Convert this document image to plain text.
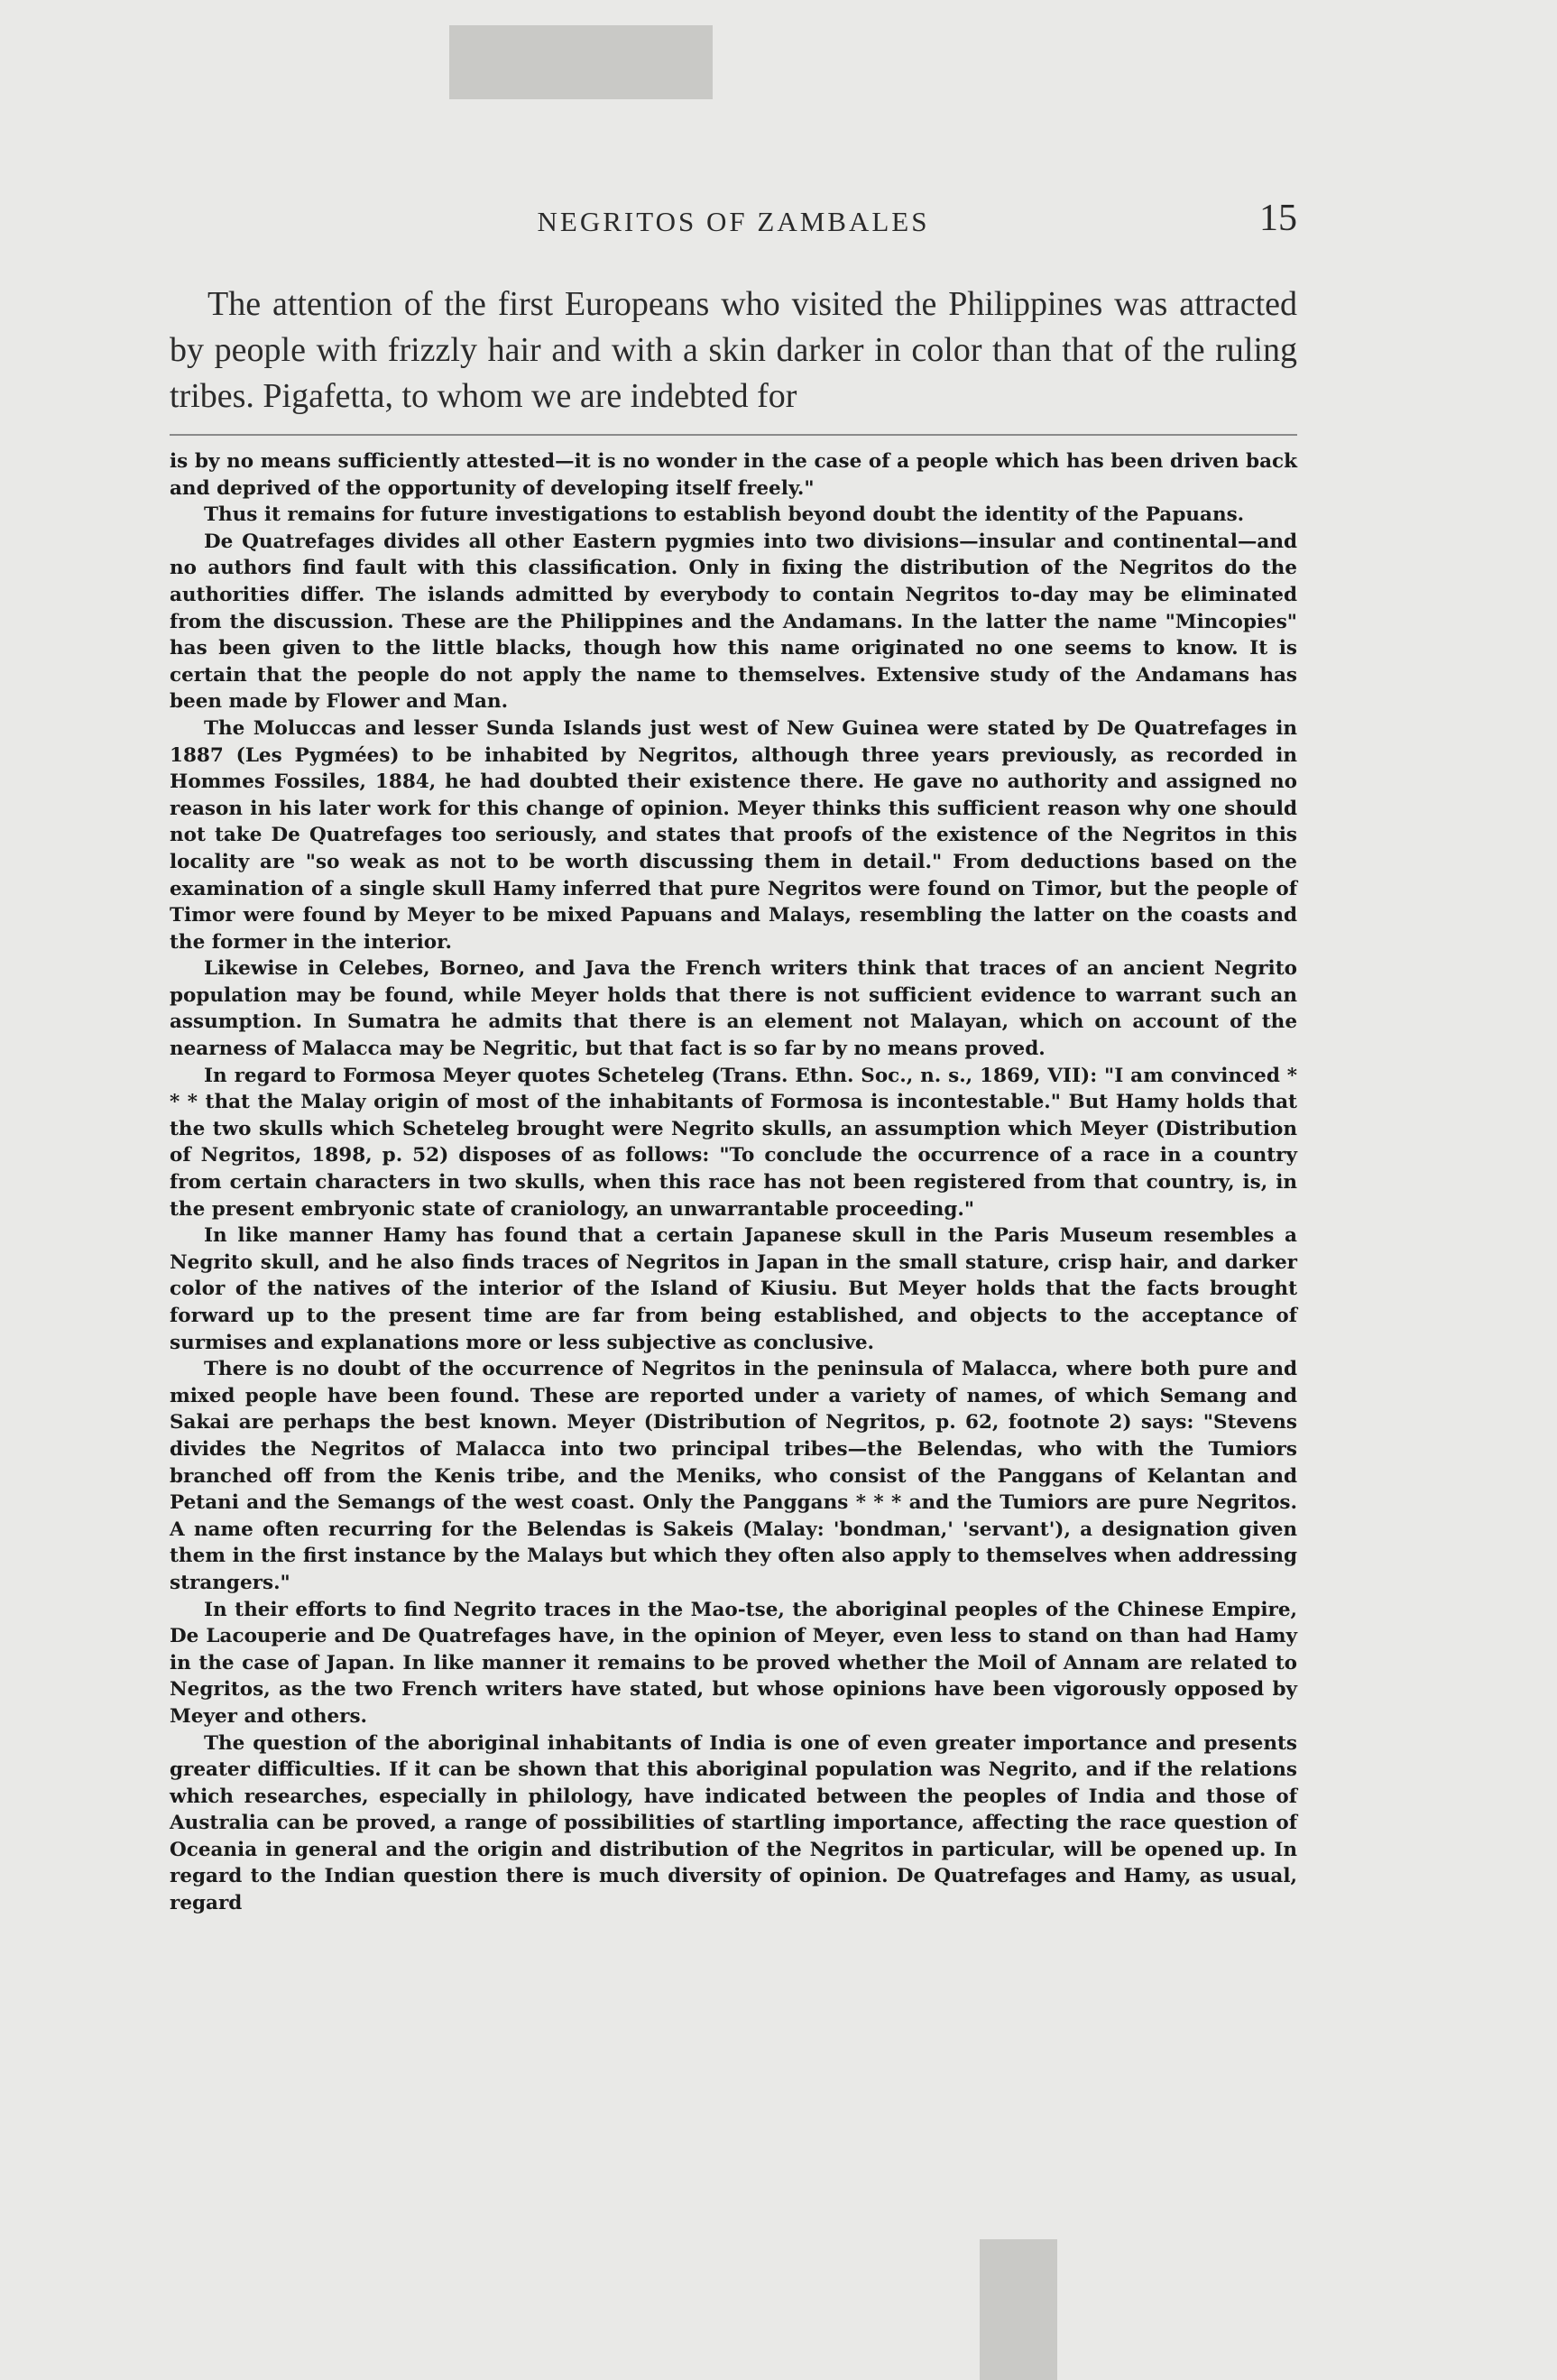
NEGRITOS OF ZAMBALES	15

The attention of the first Europeans who visited the Philippines was attracted by people with frizzly hair and with a skin darker in color than that of the ruling tribes. Pigafetta, to whom we are indebted for

is by no means sufficiently attested—it is no wonder in the case of a people which has been driven back and deprived of the opportunity of developing itself freely."

Thus it remains for future investigations to establish beyond doubt the identity of the Papuans.

De Quatrefages divides all other Eastern pygmies into two divisions—insular and continental—and no authors find fault with this classification. Only in fixing the distribution of the Negritos do the authorities differ. The islands admitted by everybody to contain Negritos to-day may be eliminated from the discussion. These are the Philippines and the Andamans. In the latter the name "Mincopies" has been given to the little blacks, though how this name originated no one seems to know. It is certain that the people do not apply the name to themselves. Extensive study of the Andamans has been made by Flower and Man.

The Moluccas and lesser Sunda Islands just west of New Guinea were stated by De Quatrefages in 1887 (Les Pygmées) to be inhabited by Negritos, although three years previously, as recorded in Hommes Fossiles, 1884, he had doubted their existence there. He gave no authority and assigned no reason in his later work for this change of opinion. Meyer thinks this sufficient reason why one should not take De Quatrefages too seriously, and states that proofs of the existence of the Negritos in this locality are "so weak as not to be worth discussing them in detail." From deductions based on the examination of a single skull Hamy inferred that pure Negritos were found on Timor, but the people of Timor were found by Meyer to be mixed Papuans and Malays, resembling the latter on the coasts and the former in the interior.

Likewise in Celebes, Borneo, and Java the French writers think that traces of an ancient Negrito population may be found, while Meyer holds that there is not sufficient evidence to warrant such an assumption. In Sumatra he admits that there is an element not Malayan, which on account of the nearness of Malacca may be Negritic, but that fact is so far by no means proved.

In regard to Formosa Meyer quotes Scheteleg (Trans. Ethn. Soc., n. s., 1869, VII): "I am convinced * * * that the Malay origin of most of the inhabitants of Formosa is incontestable." But Hamy holds that the two skulls which Scheteleg brought were Negrito skulls, an assumption which Meyer (Distribution of Negritos, 1898, p. 52) disposes of as follows: "To conclude the occurrence of a race in a country from certain characters in two skulls, when this race has not been registered from that country, is, in the present embryonic state of craniology, an unwarrantable proceeding."

In like manner Hamy has found that a certain Japanese skull in the Paris Museum resembles a Negrito skull, and he also finds traces of Negritos in Japan in the small stature, crisp hair, and darker color of the natives of the interior of the Island of Kiusiu. But Meyer holds that the facts brought forward up to the present time are far from being established, and objects to the acceptance of surmises and explanations more or less subjective as conclusive.

There is no doubt of the occurrence of Negritos in the peninsula of Malacca, where both pure and mixed people have been found. These are reported under a variety of names, of which Semang and Sakai are perhaps the best known. Meyer (Distribution of Negritos, p. 62, footnote 2) says: "Stevens divides the Negritos of Malacca into two principal tribes—the Belendas, who with the Tumiors branched off from the Kenis tribe, and the Meniks, who consist of the Panggans of Kelantan and Petani and the Semangs of the west coast. Only the Panggans * * * and the Tumiors are pure Negritos. A name often recurring for the Belendas is Sakeis (Malay: 'bondman,' 'servant'), a designation given them in the first instance by the Malays but which they often also apply to themselves when addressing strangers."

In their efforts to find Negrito traces in the Mao-tse, the aboriginal peoples of the Chinese Empire, De Lacouperie and De Quatrefages have, in the opinion of Meyer, even less to stand on than had Hamy in the case of Japan. In like manner it remains to be proved whether the Moil of Annam are related to Negritos, as the two French writers have stated, but whose opinions have been vigorously opposed by Meyer and others.

The question of the aboriginal inhabitants of India is one of even greater importance and presents greater difficulties. If it can be shown that this aboriginal population was Negrito, and if the relations which researches, especially in philology, have indicated between the peoples of India and those of Australia can be proved, a range of possibilities of startling importance, affecting the race question of Oceania in general and the origin and distribution of the Negritos in particular, will be opened up. In regard to the Indian question there is much diversity of opinion. De Quatrefages and Hamy, as usual, regard
